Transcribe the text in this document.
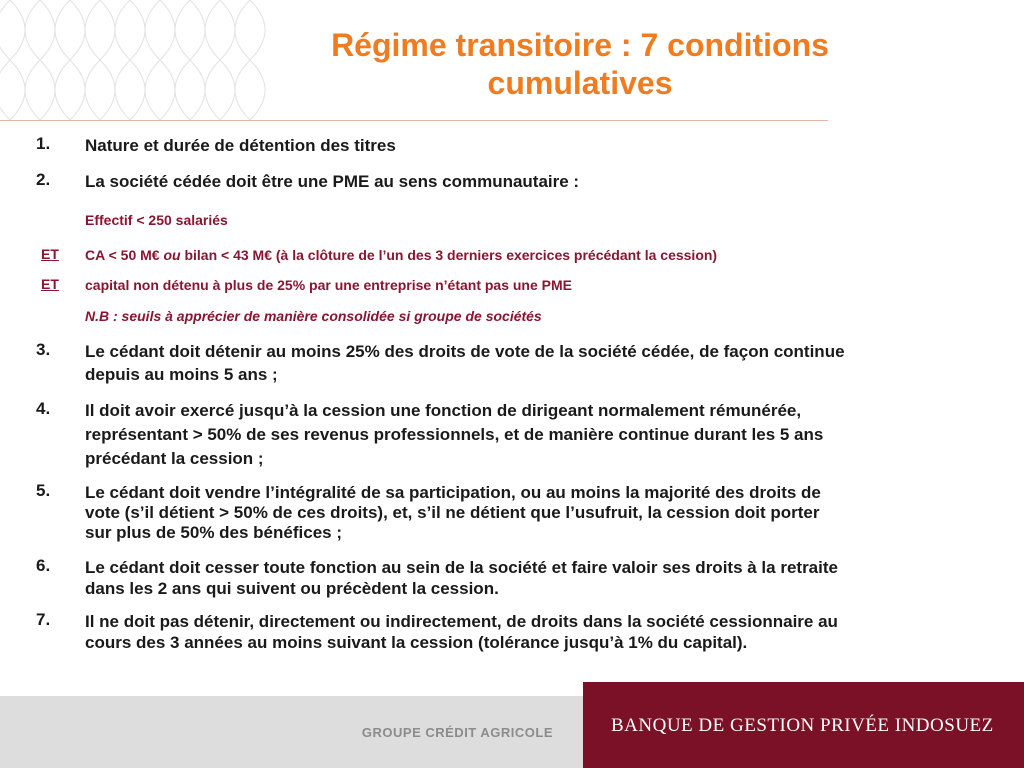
Régime transitoire : 7 conditions
cumulatives
1. Nature et durée de détention des titres
2. La société cédée doit être une PME au sens communautaire :
Effectif < 250 salariés
ET CA < 50 M€ ou bilan < 43 M€ (à la clôture de l’un des 3 derniers exercices précédant la cession)
ET capital non détenu à plus de 25% par une entreprise n’étant pas une PME
N.B : seuils à apprécier de manière consolidée si groupe de sociétés
3. Le cédant doit détenir au moins 25% des droits de vote de la société cédée, de façon continue
depuis au moins 5 ans ;
4. Il doit avoir exercé jusqu’à la cession une fonction de dirigeant normalement rémunérée,
représentant > 50% de ses revenus professionnels, et de manière continue durant les 5 ans
précédant la cession ;
5. Le cédant doit vendre l’intégralité de sa participation, ou au moins la majorité des droits de
vote (s’il détient > 50% de ces droits), et, s’il ne détient que l’usufruit, la cession doit porter
sur plus de 50% des bénéfices ;
6. Le cédant doit cesser toute fonction au sein de la société et faire valoir ses droits à la retraite
dans les 2 ans qui suivent ou précèdent la cession.
7. Il ne doit pas détenir, directement ou indirectement, de droits dans la société cessionnaire au
cours des 3 années au moins suivant la cession (tolérance jusqu’à 1% du capital).
GROUPE CRÉDIT AGRICOLE	BANQUE DE GESTION PRIVÉE INDOSUEZ
